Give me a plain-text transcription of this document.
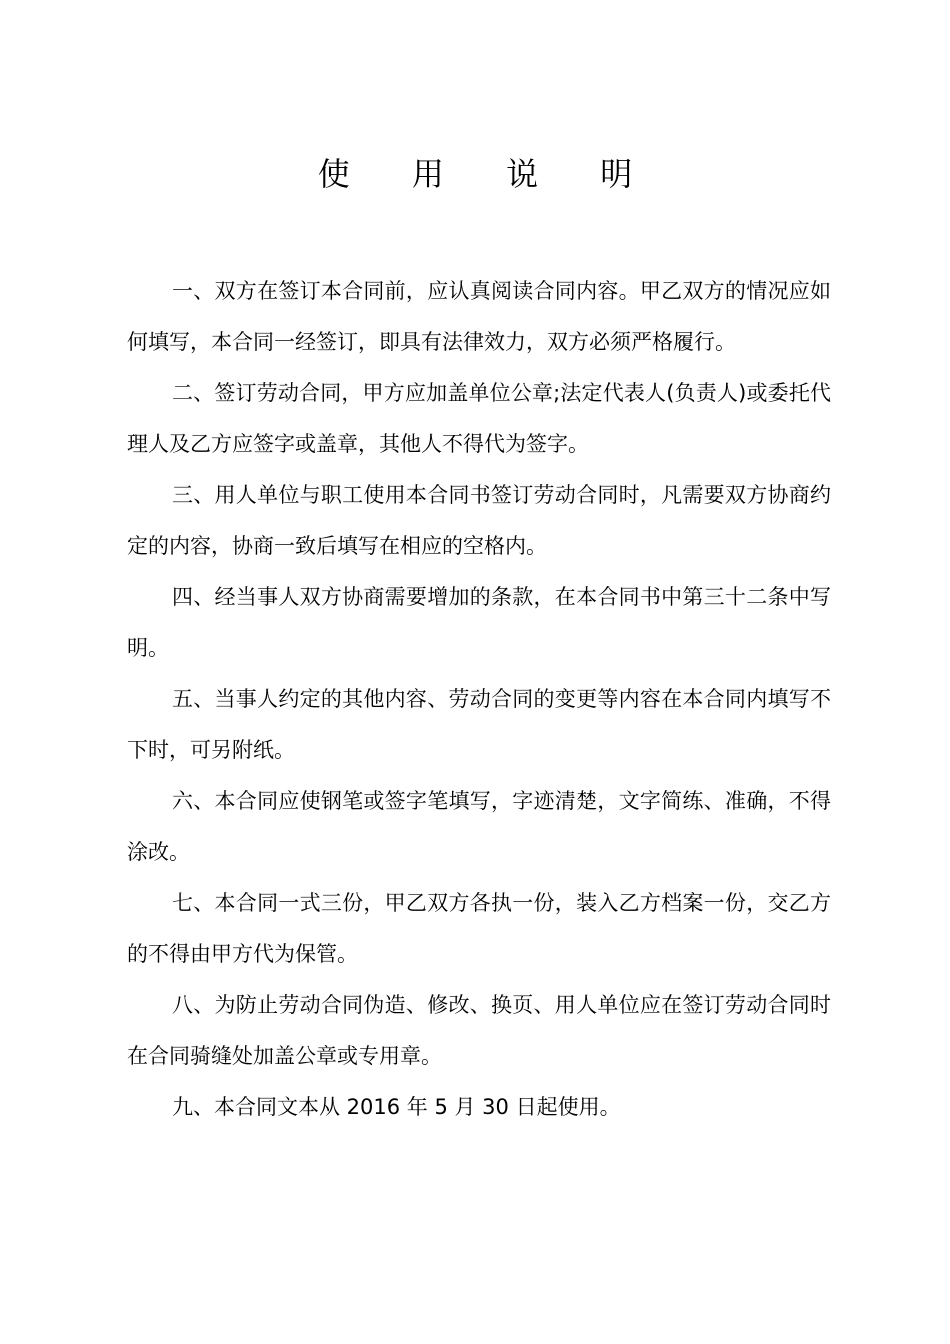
使 用 说 明

一、双方在签订本合同前，应认真阅读合同内容。甲乙双方的情况应如何填写，本合同一经签订，即具有法律效力，双方必须严格履行。

二、签订劳动合同，甲方应加盖单位公章;法定代表人(负责人)或委托代理人及乙方应签字或盖章，其他人不得代为签字。

三、用人单位与职工使用本合同书签订劳动合同时，凡需要双方协商约定的内容，协商一致后填写在相应的空格内。

四、经当事人双方协商需要增加的条款，在本合同书中第三十二条中写明。

五、当事人约定的其他内容、劳动合同的变更等内容在本合同内填写不下时，可另附纸。

六、本合同应使钢笔或签字笔填写，字迹清楚，文字简练、准确，不得涂改。

七、本合同一式三份，甲乙双方各执一份，装入乙方档案一份，交乙方的不得由甲方代为保管。

八、为防止劳动合同伪造、修改、换页、用人单位应在签订劳动合同时在合同骑缝处加盖公章或专用章。

九、本合同文本从 2016 年 5 月 30 日起使用。
